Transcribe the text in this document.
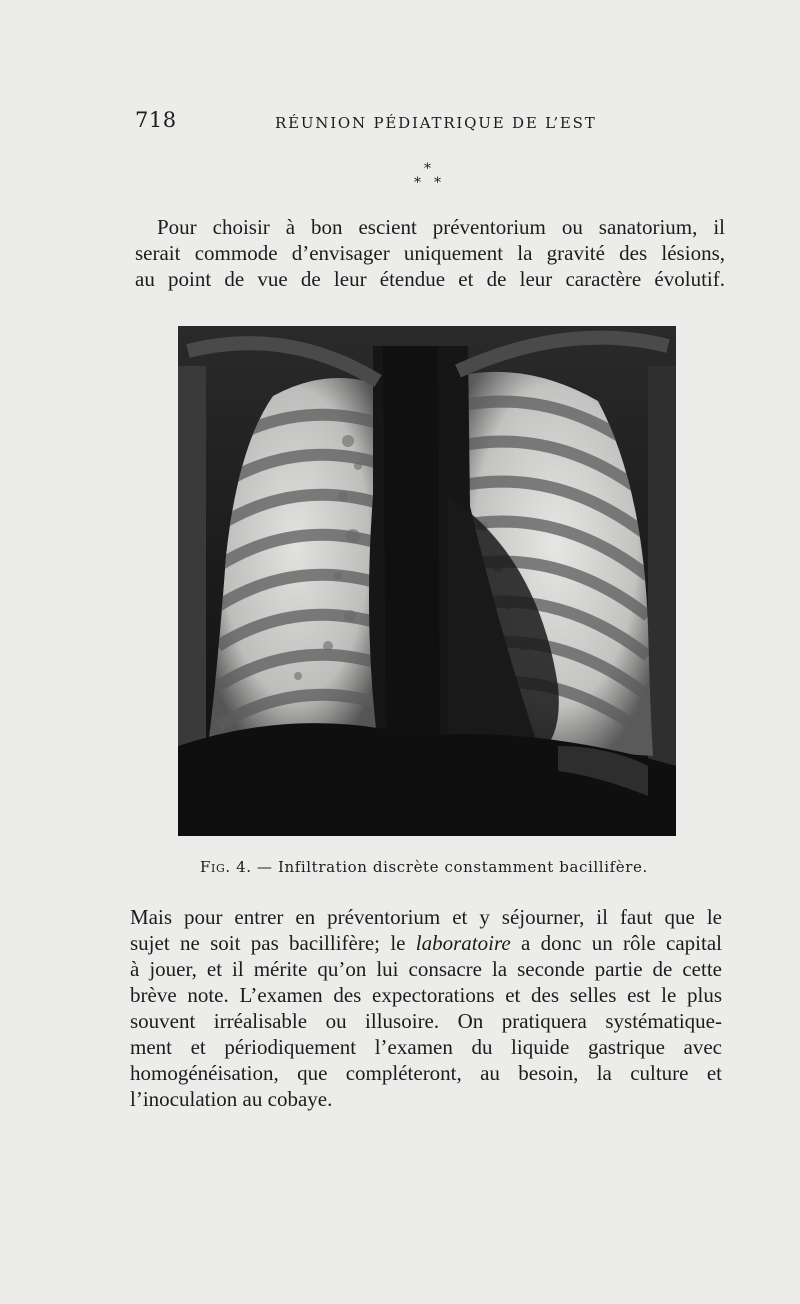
718	RÉUNION PÉDIATRIQUE DE L’EST
*
* *
Pour choisir à bon escient préventorium ou sanatorium, il
serait commode d’envisager uniquement la gravité des lésions,
au point de vue de leur étendue et de leur caractère évolutif.
Fig. 4. — Infiltration discrète constamment bacillifère.
Mais pour entrer en préventorium et y séjourner, il faut que le
sujet ne soit pas bacillifère; le laboratoire a donc un rôle capital
à jouer, et il mérite qu’on lui consacre la seconde partie de cette
brève note. L’examen des expectorations et des selles est le plus
souvent irréalisable ou illusoire. On pratiquera systématique-
ment et périodiquement l’examen du liquide gastrique avec
homogénéisation, que compléteront, au besoin, la culture et
l’inoculation au cobaye.
